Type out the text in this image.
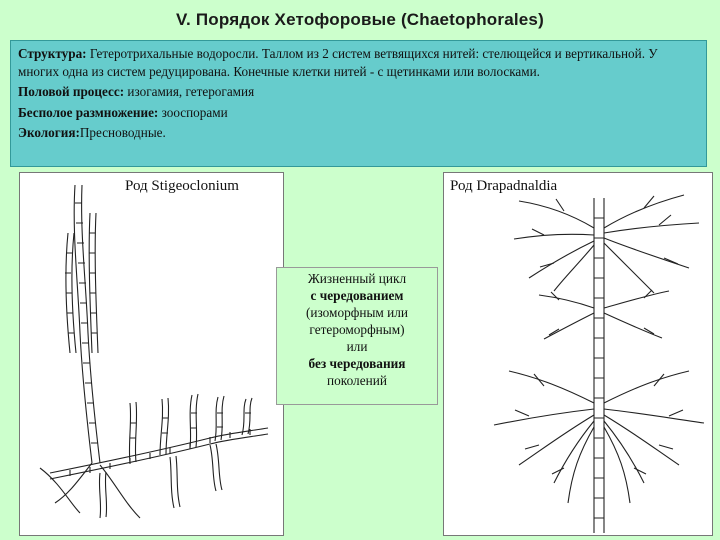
V. Порядок Хетофоровые (Chaetophorales)

Структура: Гетеротрихальные водоросли. Таллом из 2 систем ветвящихся нитей: стелющейся и вертикальной. У многих одна из систем редуцирована. Конечные клетки нитей - с щетинками или волосками.

Половой процесс: изогамия, гетерогамия

Бесполое размножение: зооспорами

Экология:Пресноводные.

Род Stigeoclonium	Род Drapadnaldia
Жизненный цикл
с чередованием
(изоморфным или
гетероморфным)
или
без чередования
поколений
